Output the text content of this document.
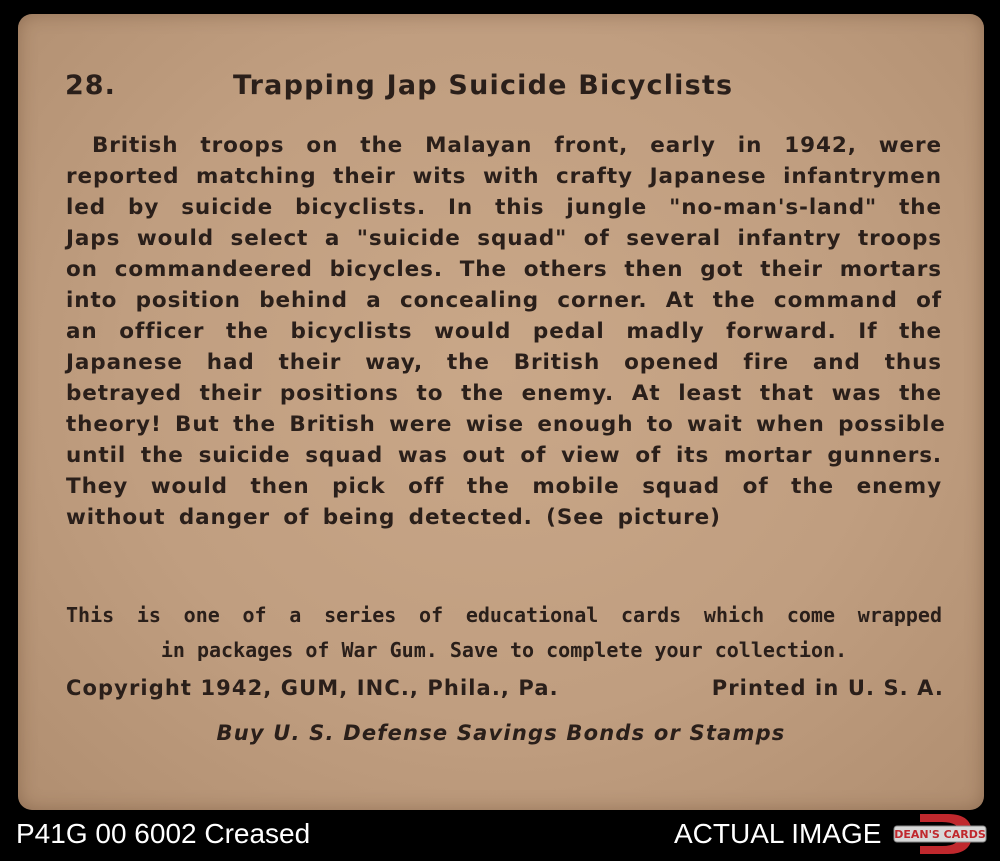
28.	Trapping Jap Suicide Bicyclists
British troops on the Malayan front, early in 1942, were
reported matching their wits with crafty Japanese infantrymen
led by suicide bicyclists. In this jungle "no-man's-land" the
Japs would select a "suicide squad" of several infantry troops
on commandeered bicycles. The others then got their mortars
into position behind a concealing corner. At the command of
an officer the bicyclists would pedal madly forward. If the
Japanese had their way, the British opened fire and thus
betrayed their positions to the enemy. At least that was the
theory! But the British were wise enough to wait when possible
until the suicide squad was out of view of its mortar gunners.
They would then pick off the mobile squad of the enemy
without danger of being detected. (See picture)
This is one of a series of educational cards which come wrapped
in packages of War Gum. Save to complete your collection.
Copyright 1942, GUM, INC., Phila., Pa.	Printed in U. S. A.
Buy U. S. Defense Savings Bonds or Stamps
P41G 00 6002 Creased	ACTUAL IMAGE DEAN'S CARDS
